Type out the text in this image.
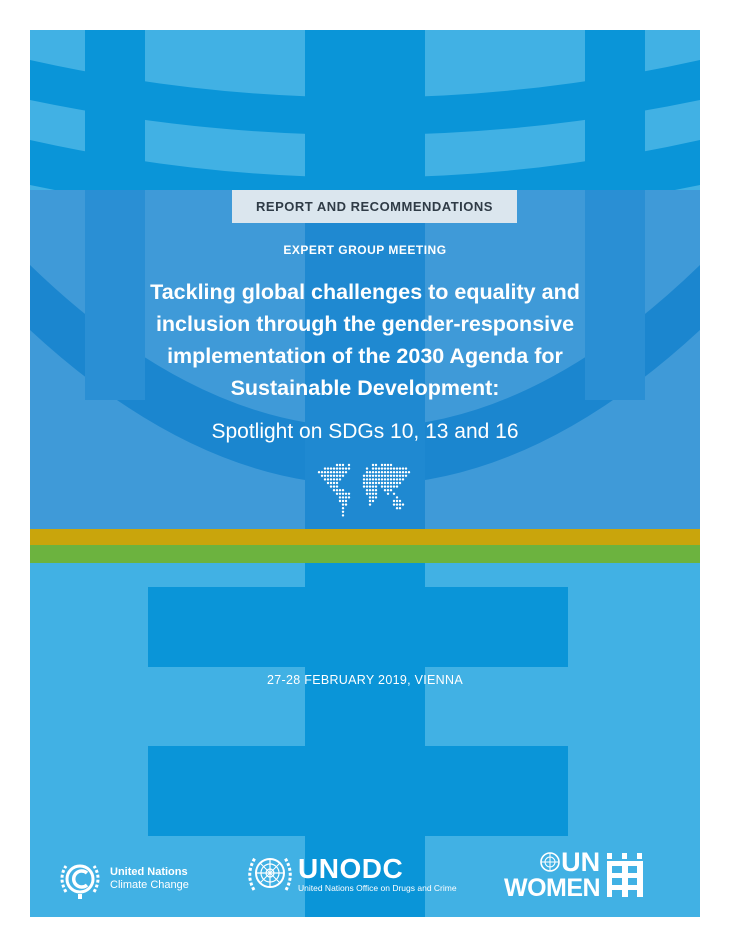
REPORT AND RECOMMENDATIONS
EXPERT GROUP MEETING
Tackling global challenges to equality and
inclusion through the gender-responsive
implementation of the 2030 Agenda for
Sustainable Development:
Spotlight on SDGs 10, 13 and 16
27-28 FEBRUARY 2019, VIENNA
United Nations
Climate Change
UNODC
United Nations Office on Drugs and Crime
UN
WOMEN
